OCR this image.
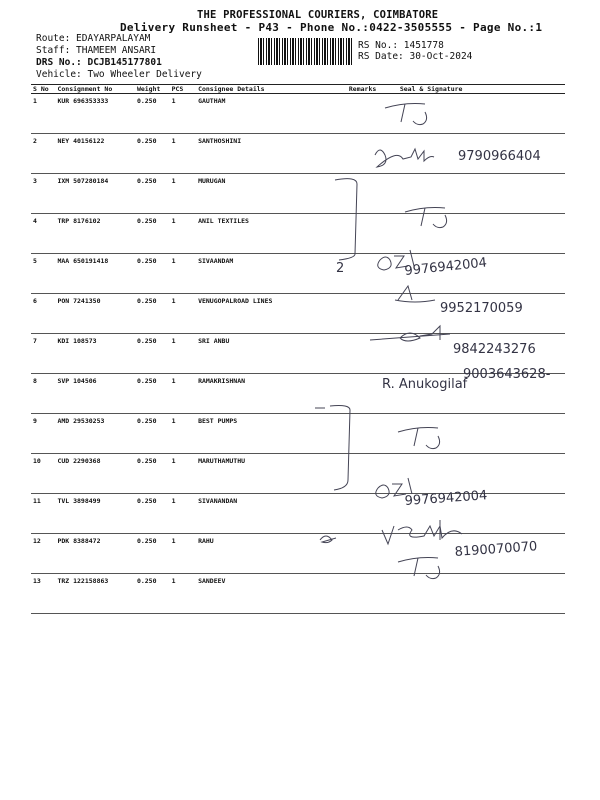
THE PROFESSIONAL COURIERS, COIMBATORE
Delivery Runsheet - P43 - Phone No.:0422-3505555 - Page No.:1
Route: EDAYARPALAYAM
Staff: THAMEEM ANSARI
DRS No.: DCJB145177801
Vehicle: Two Wheeler Delivery
RS No.: 1451778
RS Date: 30-Oct-2024
S No	Consignment No	Weight	PCS	Consignee Details	Remarks	Seal & Signature
1	KUR 696353333	0.250	1	GAUTHAM		
2	NEY 40156122	0.250	1	SANTHOSHINI		
3	IXM 507280184	0.250	1	MURUGAN		
4	TRP 8176102	0.250	1	ANIL TEXTILES		
5	MAA 650191418	0.250	1	SIVAANDAM		
6	PON 7241350	0.250	1	VENUGOPALROAD LINES		
7	KDI 108573	0.250	1	SRI ANBU		
8	SVP 104506	0.250	1	RAMAKRISHNAN		
9	AMD 29530253	0.250	1	BEST PUMPS		
10	CUD 2290368	0.250	1	MARUTHAMUTHU		
11	TVL 3898499	0.250	1	SIVANANDAN		
12	PDK 8388472	0.250	1	RAHU		
13	TRZ 122158863	0.250	1	SANDEEV		
9790966404
2	9976942004
9952170059
9842243276
9003643628-
R. Anukogilaf
9976942004
8190070070
